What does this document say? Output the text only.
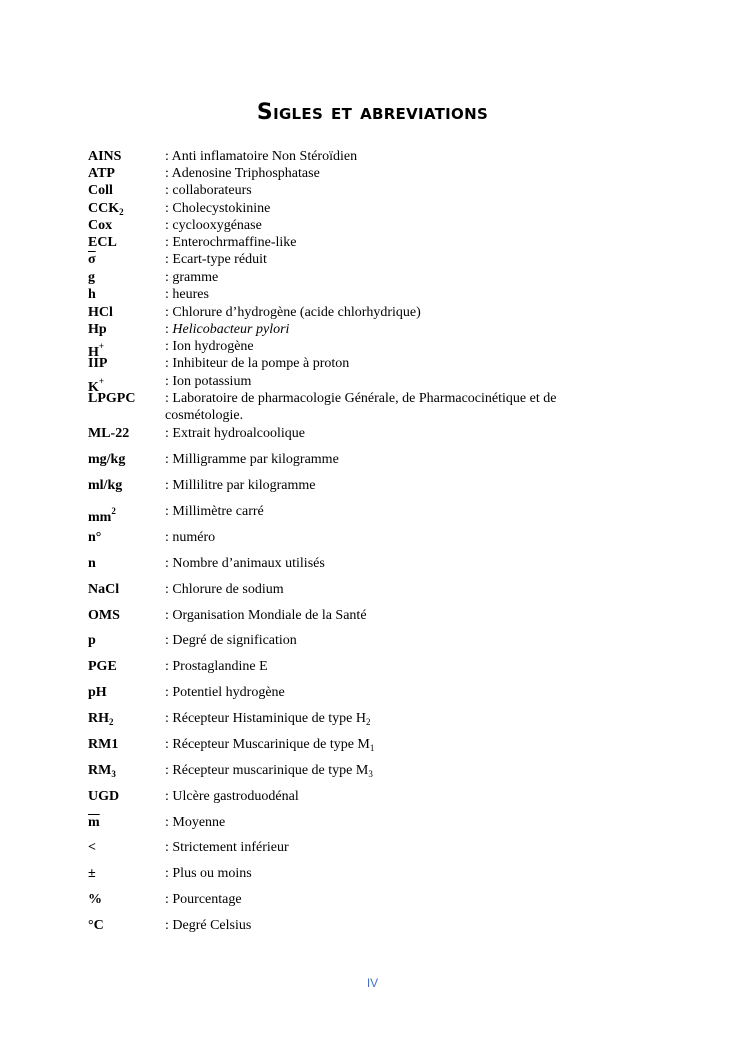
Sigles et abreviations
AINS	: Anti inflamatoire Non Stéroïdien
ATP	: Adenosine Triphosphatase
Coll	: collaborateurs
$CCK_2$	: Cholecystokinine
Cox	: cyclooxygénase
ECL	: Enterochrmaffine-like
$\overline{\sigma}$	: Ecart-type réduit
g	: gramme
h	: heures
HCl	: Chlorure d’hydrogène (acide chlorhydrique)
Hp	: Helicobacteur pylori
H+	: Ion hydrogène
IIP	: Inhibiteur de la pompe à proton
K+	: Ion potassium
LPGPC	: Laboratoire de pharmacologie Générale, de Pharmacocinétique et de cosmétologie.
ML-22	: Extrait hydroalcoolique
mg/kg	: Milligramme par kilogramme
ml/kg	: Millilitre par kilogramme
$mm^2$	: Millimètre carré
n°	: numéro
n	: Nombre d’animaux utilisés
NaCl	: Chlorure de sodium
OMS	: Organisation Mondiale de la Santé
p	: Degré de signification
PGE	: Prostaglandine E
pH	: Potentiel hydrogène
$RH_2$	: Récepteur Histaminique de type $H_2$
RM1	: Récepteur Muscarinique de type $M_1$
$RM_3$	: Récepteur muscarinique de type $M_3$
UGD	: Ulcère gastroduodénal
$\overline{m}$	: Moyenne
<	: Strictement inférieur
±	: Plus ou moins
%	: Pourcentage
°C	: Degré Celsius
IV
